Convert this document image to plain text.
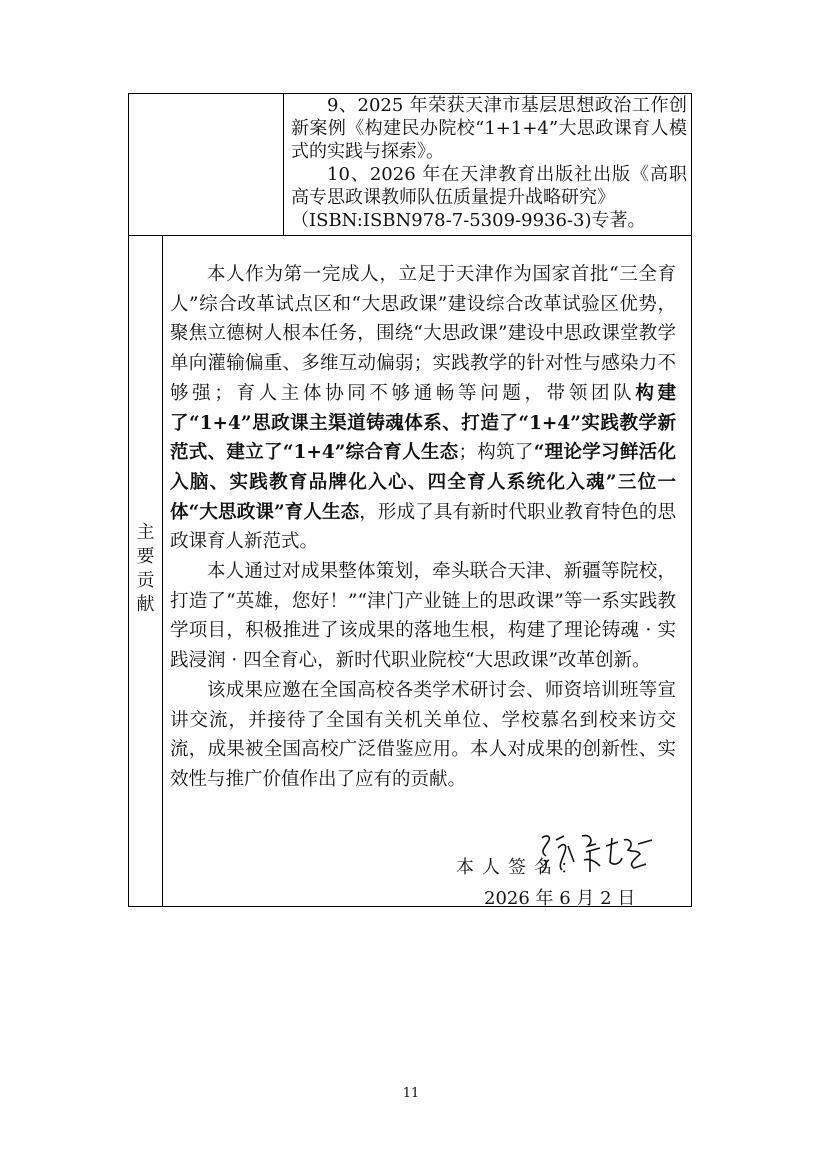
9、2025 年荣获天津市基层思想政治工作创新案例《构建民办院校“1+1+4”大思政课育人模式的实践与探索》。

10、2026 年在天津教育出版社出版《高职高专思政课教师队伍质量提升战略研究》

（ISBN:ISBN978-7-5309-9936-3)专著。

主
要
贡
献

本人作为第一完成人，立足于天津作为国家首批“三全育人”综合改革试点区和“大思政课”建设综合改革试验区优势，聚焦立德树人根本任务，围绕“大思政课”建设中思政课堂教学单向灌输偏重、多维互动偏弱；实践教学的针对性与感染力不够强；育人主体协同不够通畅等问题，带领团队构建了“1+4”思政课主渠道铸魂体系、打造了“1+4”实践教学新范式、建立了“1+4”综合育人生态；构筑了“理论学习鲜活化入脑、实践教育品牌化入心、四全育人系统化入魂”三位一体“大思政课”育人生态，形成了具有新时代职业教育特色的思政课育人新范式。

本人通过对成果整体策划，牵头联合天津、新疆等院校，打造了“英雄，您好！”“津门产业链上的思政课”等一系实践教学项目，积极推进了该成果的落地生根，构建了理论铸魂 · 实践浸润 · 四全育心，新时代职业院校“大思政课”改革创新。

该成果应邀在全国高校各类学术研讨会、师资培训班等宣讲交流，并接待了全国有关机关单位、学校慕名到校来访交流，成果被全国高校广泛借鉴应用。本人对成果的创新性、实效性与推广价值作出了应有的贡献。

本人签名：
2026 年 6 月 2 日
11
